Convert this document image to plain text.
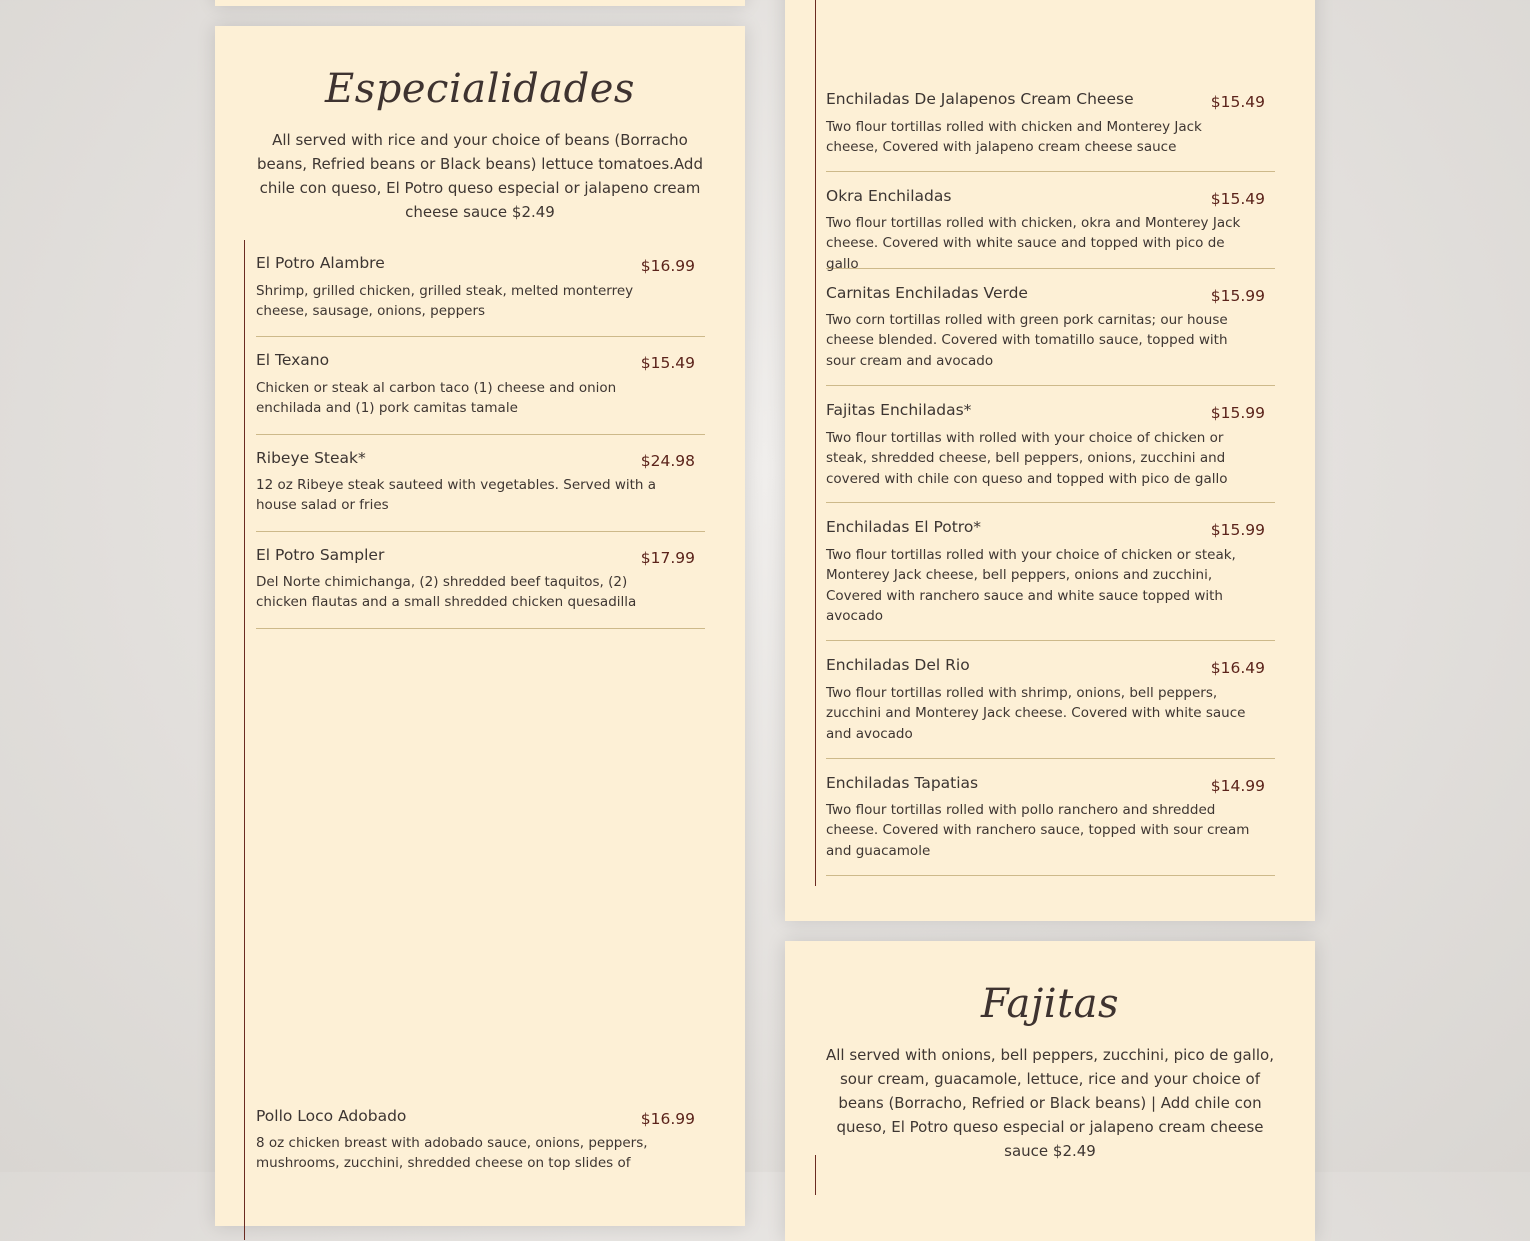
Especialidades
All served with rice and your choice of beans (Borracho beans, Refried beans or Black beans) lettuce tomatoes.Add chile con queso, El Potro queso especial or jalapeno cream cheese sauce $2.49
El Potro Alambre	$16.99
Shrimp, grilled chicken, grilled steak, melted monterrey cheese, sausage, onions, peppers
El Texano	$15.49
Chicken or steak al carbon taco (1) cheese and onion enchilada and (1) pork camitas tamale
Ribeye Steak*	$24.98
12 oz Ribeye steak sauteed with vegetables. Served with a house salad or fries
El Potro Sampler	$17.99
Del Norte chimichanga, (2) shredded beef taquitos, (2) chicken flautas and a small shredded chicken quesadilla
Pollo Loco Adobado	$16.99
8 oz chicken breast with adobado sauce, onions, peppers, mushrooms, zucchini, shredded cheese on top slides of
Enchiladas De Jalapenos Cream Cheese	$15.49
Two flour tortillas rolled with chicken and Monterey Jack cheese, Covered with jalapeno cream cheese sauce
Okra Enchiladas	$15.49
Two flour tortillas rolled with chicken, okra and Monterey Jack cheese. Covered with white sauce and topped with pico de gallo
Carnitas Enchiladas Verde	$15.99
Two corn tortillas rolled with green pork carnitas; our house cheese blended. Covered with tomatillo sauce, topped with sour cream and avocado
Fajitas Enchiladas*	$15.99
Two flour tortillas with rolled with your choice of chicken or steak, shredded cheese, bell peppers, onions, zucchini and covered with chile con queso and topped with pico de gallo
Enchiladas El Potro*	$15.99
Two flour tortillas rolled with your choice of chicken or steak, Monterey Jack cheese, bell peppers, onions and zucchini, Covered with ranchero sauce and white sauce topped with avocado
Enchiladas Del Rio	$16.49
Two flour tortillas rolled with shrimp, onions, bell peppers, zucchini and Monterey Jack cheese. Covered with white sauce and avocado
Enchiladas Tapatias	$14.99
Two flour tortillas rolled with pollo ranchero and shredded cheese. Covered with ranchero sauce, topped with sour cream and guacamole
Fajitas
All served with onions, bell peppers, zucchini, pico de gallo, sour cream, guacamole, lettuce, rice and your choice of beans (Borracho, Refried or Black beans) | Add chile con queso, El Potro queso especial or jalapeno cream cheese sauce $2.49
